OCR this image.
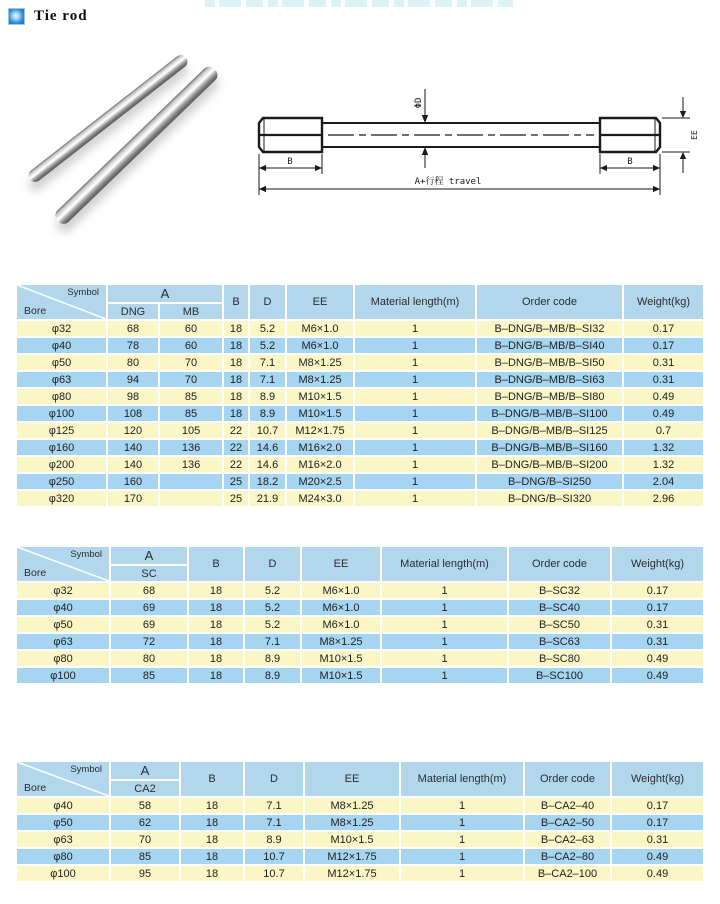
Tie rod
ΦD
EE
B	B
A+行程 travel
Symbol
Bore	A		B	D	EE	Material length(m)	Order code	Weight(kg)
	DNG	MB						
φ32	68	60	18	5.2	M6×1.0	1	B–DNG/B–MB/B–SI32	0.17
φ40	78	60	18	5.2	M6×1.0	1	B–DNG/B–MB/B–SI40	0.17
φ50	80	70	18	7.1	M8×1.25	1	B–DNG/B–MB/B–SI50	0.31
φ63	94	70	18	7.1	M8×1.25	1	B–DNG/B–MB/B–SI63	0.31
φ80	98	85	18	8.9	M10×1.5	1	B–DNG/B–MB/B–SI80	0.49
φ100	108	85	18	8.9	M10×1.5	1	B–DNG/B–MB/B–SI100	0.49
φ125	120	105	22	10.7	M12×1.75	1	B–DNG/B–MB/B–SI125	0.7
φ160	140	136	22	14.6	M16×2.0	1	B–DNG/B–MB/B–SI160	1.32
φ200	140	136	22	14.6	M16×2.0	1	B–DNG/B–MB/B–SI200	1.32
φ250	160		25	18.2	M20×2.5	1	B–DNG/B–SI250	2.04
φ320	170		25	21.9	M24×3.0	1	B–DNG/B–SI320	2.96
Symbol
Bore	A	B	D	EE	Material length(m)	Order code	Weight(kg)
	SC						
φ32	68	18	5.2	M6×1.0	1	B–SC32	0.17
φ40	69	18	5.2	M6×1.0	1	B–SC40	0.17
φ50	69	18	5.2	M6×1.0	1	B–SC50	0.31
φ63	72	18	7.1	M8×1.25	1	B–SC63	0.31
φ80	80	18	8.9	M10×1.5	1	B–SC80	0.49
φ100	85	18	8.9	M10×1.5	1	B–SC100	0.49
Symbol
Bore	A	B	D	EE	Material length(m)	Order code	Weight(kg)
	CA2						
φ40	58	18	7.1	M8×1.25	1	B–CA2–40	0.17
φ50	62	18	7.1	M8×1.25	1	B–CA2–50	0.17
φ63	70	18	8.9	M10×1.5	1	B–CA2–63	0.31
φ80	85	18	10.7	M12×1.75	1	B–CA2–80	0.49
φ100	95	18	10.7	M12×1.75	1	B–CA2–100	0.49
